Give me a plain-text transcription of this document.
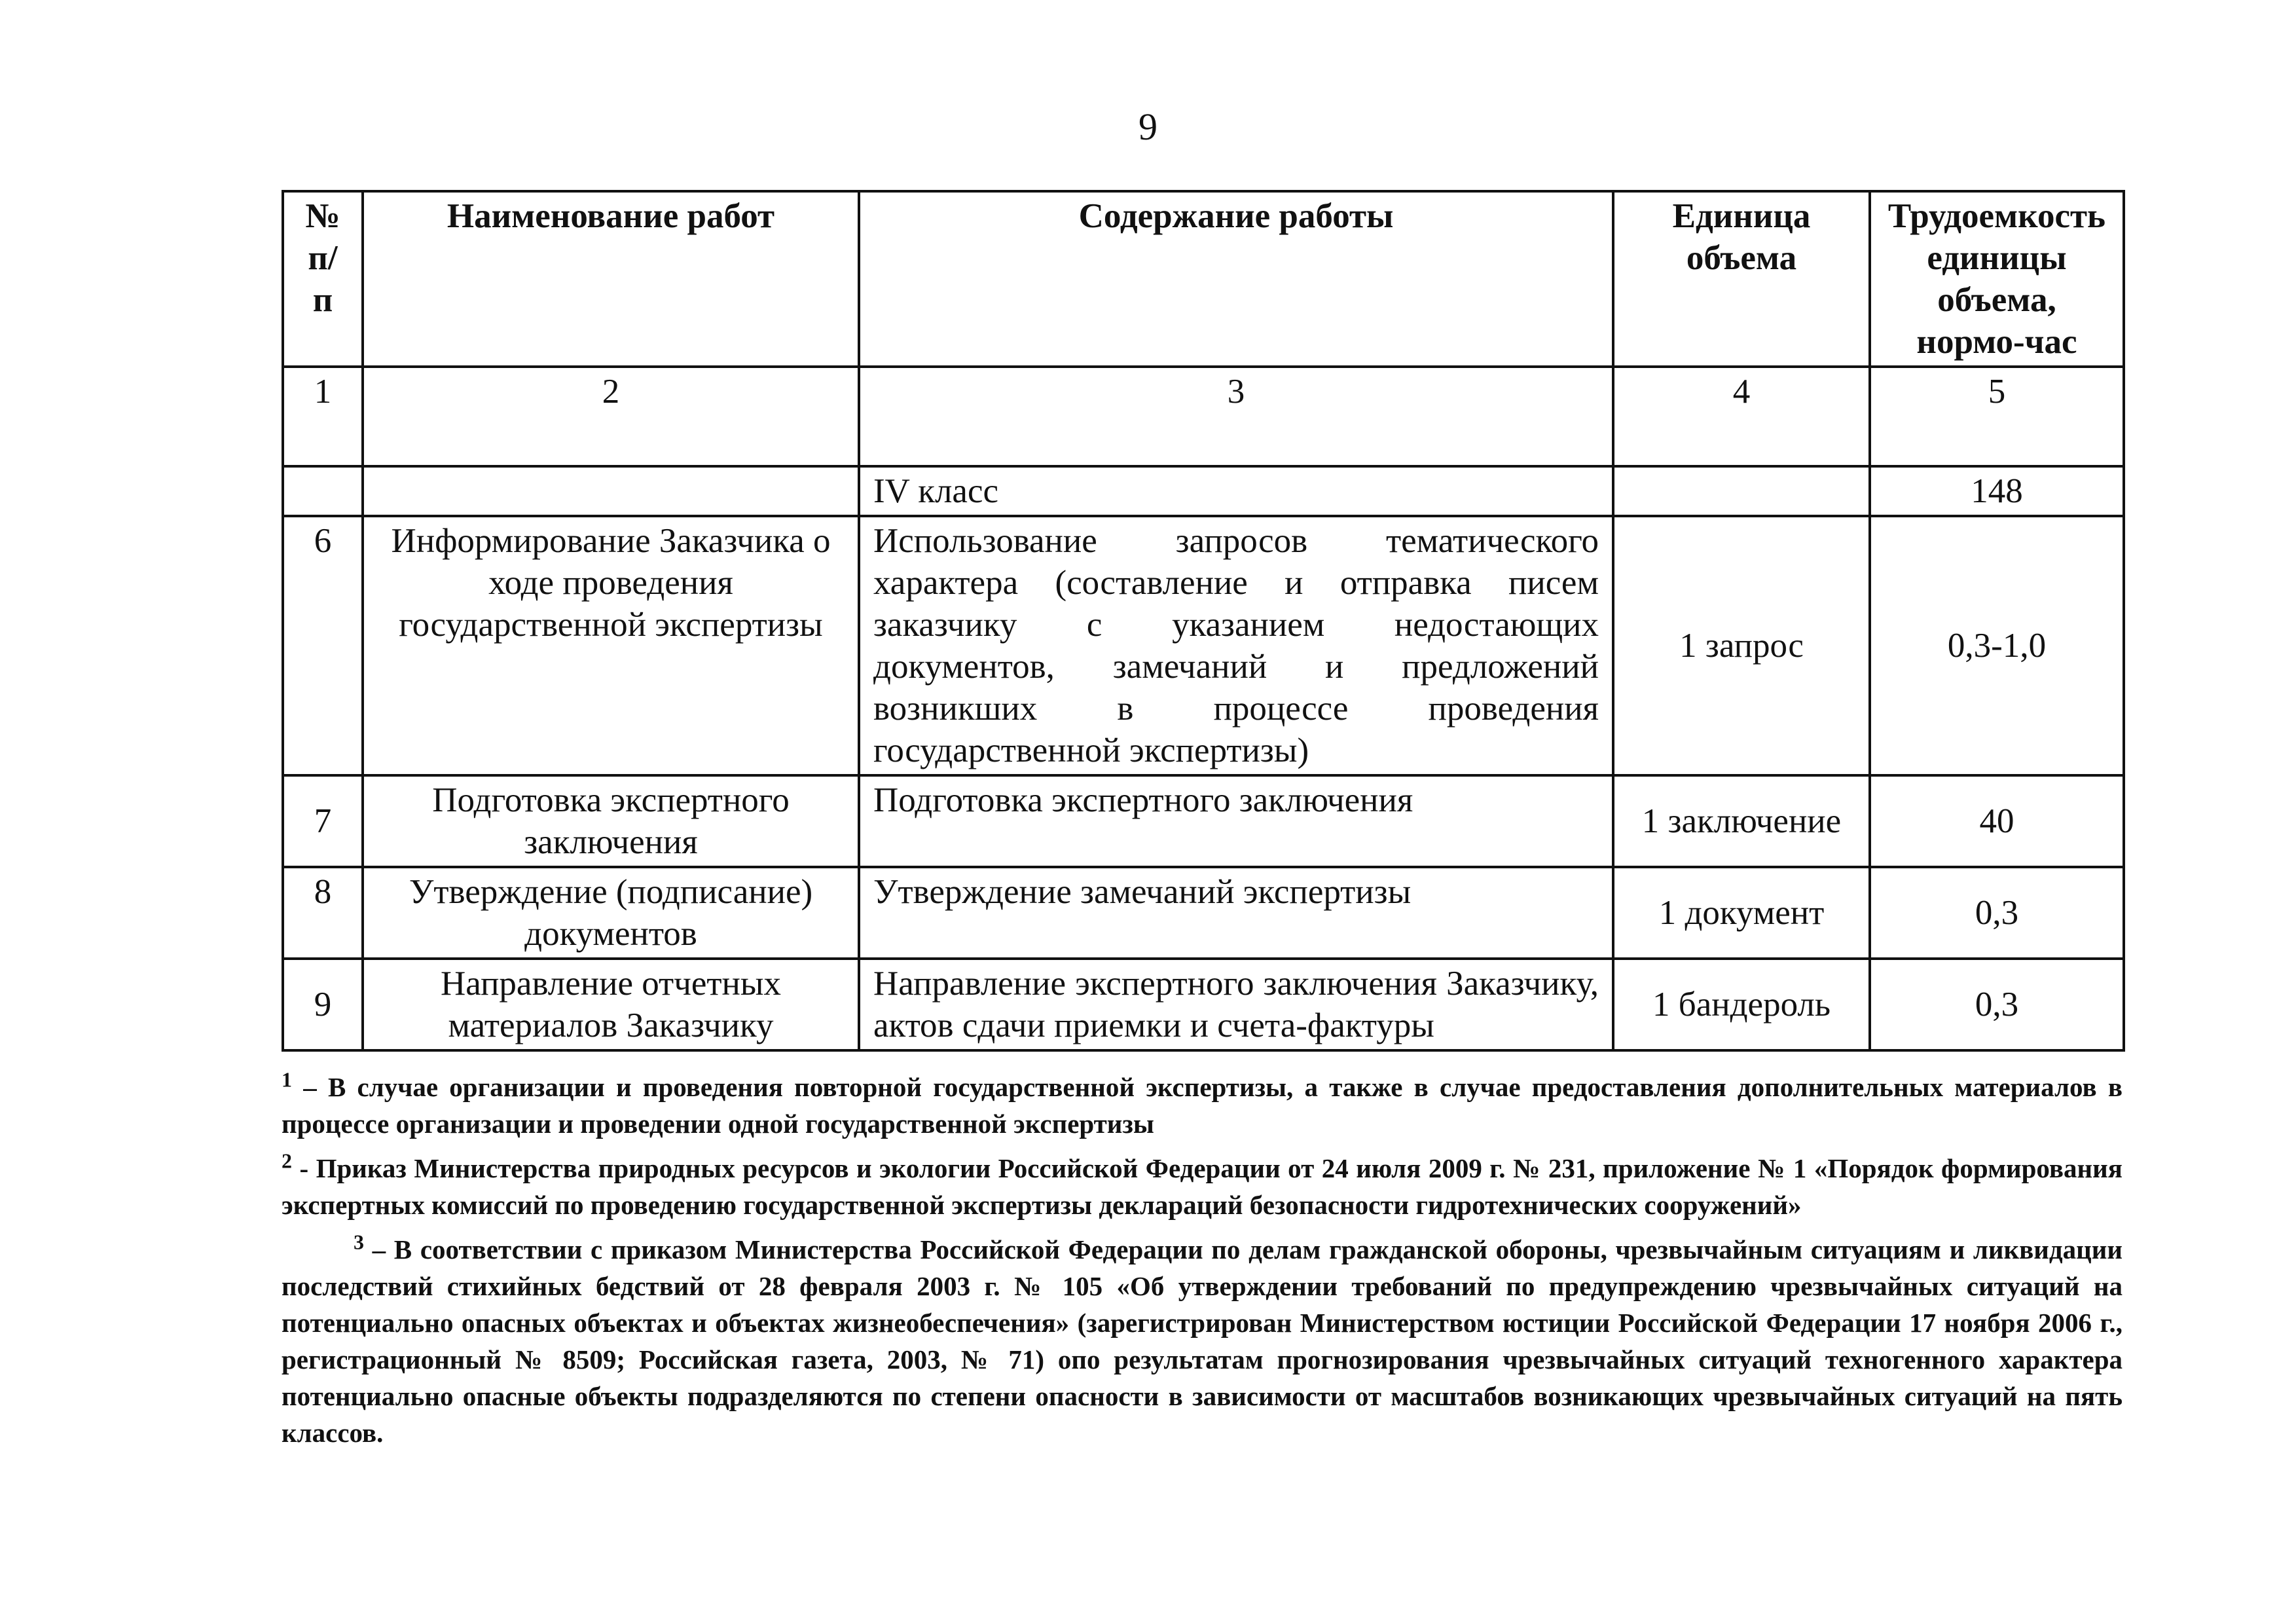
9
№ п/ п	Наименование работ	Содержание работы	Единица объема	Трудоемкость единицы объема, нормо-час
1	2	3	4	5
		IV класс		148
6	Информирование Заказчика о ходе проведения государственной экспертизы	Использование запросов тематического характера (составление и отправка писем заказчику с указанием недостающих документов, замечаний и предложений возникших в процессе проведения государственной экспертизы)	1 запрос	0,3-1,0
7	Подготовка экспертного заключения	Подготовка экспертного заключения	1 заключение	40
8	Утверждение (подписание) документов	Утверждение замечаний экспертизы	1 документ	0,3
9	Направление отчетных материалов Заказчику	Направление экспертного заключения Заказчику, актов сдачи приемки и счета-фактуры	1 бандероль	0,3

$^1$ – В случае организации и проведения повторной государственной экспертизы, а также в случае предоставления дополнительных материалов в процессе организации и проведении одной государственной экспертизы

$^2$ - Приказ Министерства природных ресурсов и экологии Российской Федерации от 24 июля 2009 г. № 231, приложение № 1 «Порядок формирования экспертных комиссий по проведению государственной экспертизы деклараций безопасности гидротехнических сооружений»

$^3$ – В соответствии с приказом Министерства Российской Федерации по делам гражданской обороны, чрезвычайным ситуациям и ликвидации последствий стихийных бедствий от 28 февраля 2003 г. № 105 «Об утверждении требований по предупреждению чрезвычайных ситуаций на потенциально опасных объектах и объектах жизнеобеспечения» (зарегистрирован Министерством юстиции Российской Федерации 17 ноября 2006 г., регистрационный № 8509; Российская газета, 2003, № 71) опо результатам прогнозирования чрезвычайных ситуаций техногенного характера потенциально опасные объекты подразделяются по степени опасности в зависимости от масштабов возникающих чрезвычайных ситуаций на пять классов.
